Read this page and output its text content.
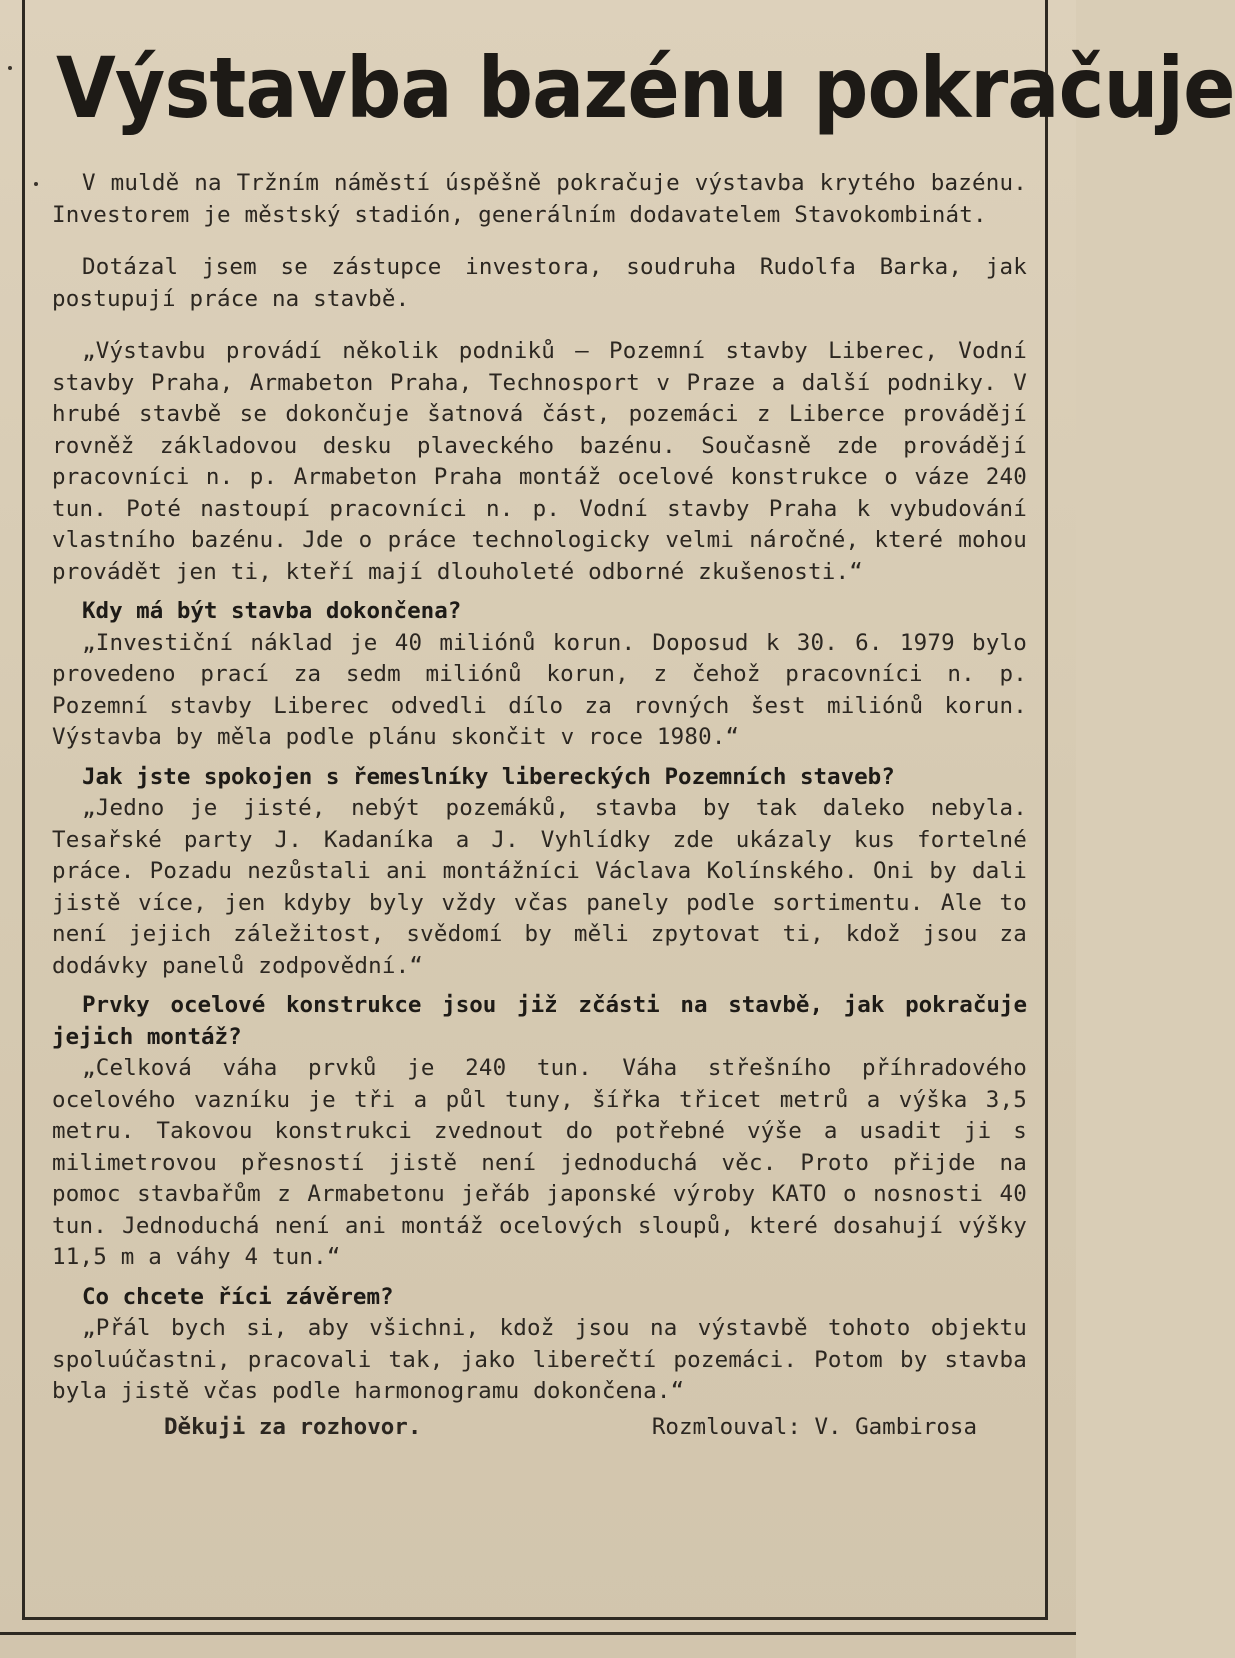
Výstavba bazénu pokračuje

V muldě na Tržním náměstí úspěšně pokračuje výstavba krytého bazénu. Investorem je městský stadión, generálním dodavatelem Stavokombinát.

Dotázal jsem se zástupce investora, soudruha Rudolfa Barka, jak postupují práce na stavbě.

„Výstavbu provádí několik podniků — Pozemní stavby Liberec, Vodní stavby Praha, Armabeton Praha, Technosport v Praze a další podniky. V hrubé stavbě se dokončuje šatnová část, pozemáci z Liberce provádějí rovněž základovou desku plaveckého bazénu. Současně zde provádějí pracovníci n. p. Armabeton Praha montáž ocelové konstrukce o váze 240 tun. Poté nastoupí pracovníci n. p. Vodní stavby Praha k vybudování vlastního bazénu. Jde o práce technologicky velmi náročné, které mohou provádět jen ti, kteří mají dlouholeté odborné zkušenosti.“

Kdy má být stavba dokončena?

„Investiční náklad je 40 miliónů korun. Doposud k 30. 6. 1979 bylo provedeno prací za sedm miliónů korun, z čehož pracovníci n. p. Pozemní stavby Liberec odvedli dílo za rovných šest miliónů korun. Výstavba by měla podle plánu skončit v roce 1980.“

Jak jste spokojen s řemeslníky libereckých Pozemních staveb?

„Jedno je jisté, nebýt pozemáků, stavba by tak daleko nebyla. Tesařské party J. Kadaníka a J. Vyhlídky zde ukázaly kus fortelné práce. Pozadu nezůstali ani montážníci Václava Kolínského. Oni by dali jistě více, jen kdyby byly vždy včas panely podle sortimentu. Ale to není jejich záležitost, svědomí by měli zpytovat ti, kdož jsou za dodávky panelů zodpovědní.“

Prvky ocelové konstrukce jsou již zčásti na stavbě, jak pokračuje jejich montáž?

„Celková váha prvků je 240 tun. Váha střešního příhradového ocelového vazníku je tři a půl tuny, šířka třicet metrů a výška 3,5 metru. Takovou konstrukci zvednout do potřebné výše a usadit ji s milimetrovou přesností jistě není jednoduchá věc. Proto přijde na pomoc stavbařům z Armabetonu jeřáb japonské výroby KATO o nosnosti 40 tun. Jednoduchá není ani montáž ocelových sloupů, které dosahují výšky 11,5 m a váhy 4 tun.“

Co chcete říci závěrem?

„Přál bych si, aby všichni, kdož jsou na výstavbě tohoto objektu spoluúčastni, pracovali tak, jako liberečtí pozemáci. Potom by stavba byla jistě včas podle harmonogramu dokončena.“

Děkuji za rozhovor.	Rozmlouval: V. Gambirosa
